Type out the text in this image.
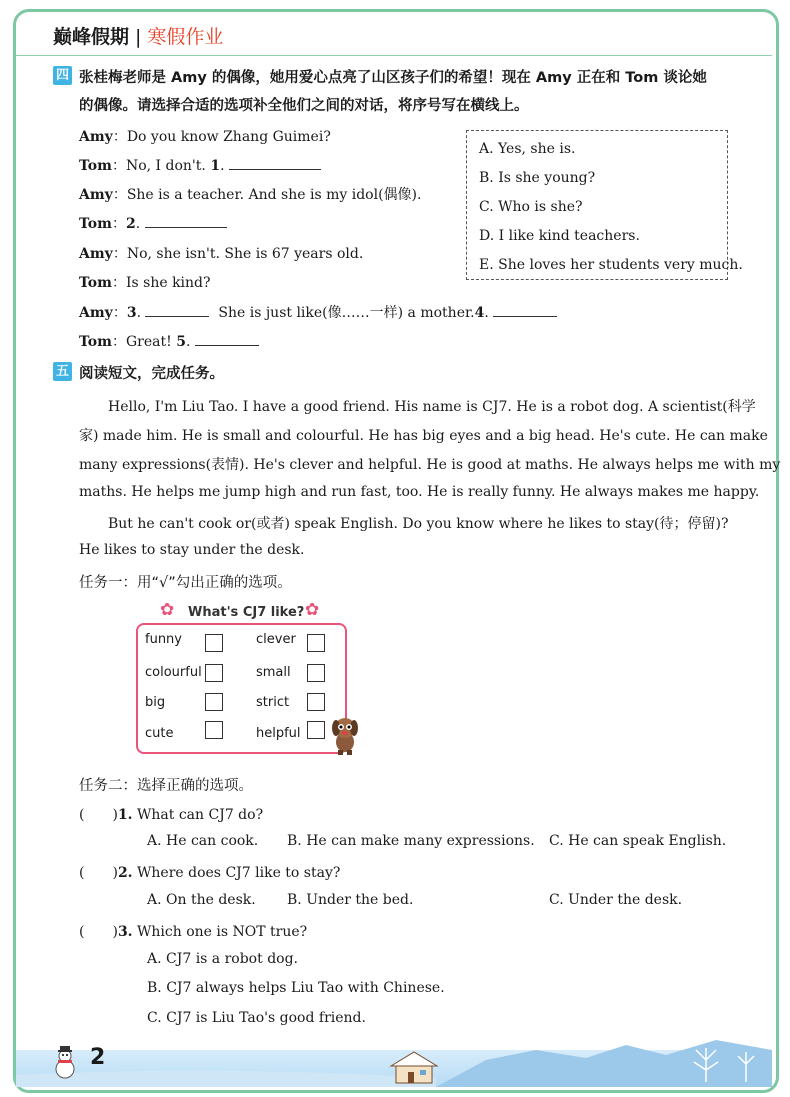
巅峰假期 | 寒假作业
四 张桂梅老师是 Amy 的偶像，她用爱心点亮了山区孩子们的希望！现在 Amy 正在和 Tom 谈论她
的偶像。请选择合适的选项补全他们之间的对话，将序号写在横线上。
Amy：Do you know Zhang Guimei?
Tom：No, I don't. 1.
Amy：She is a teacher. And she is my idol(偶像).
Tom：2.
Amy：No, she isn't. She is 67 years old.
Tom：Is she kind?
Amy：3.	She is just like(像……一样) a mother.4.
Tom：Great! 5.
A. Yes, she is.
B. Is she young?
C. Who is she?
D. I like kind teachers.
E. She loves her students very much.
五 阅读短文，完成任务。
Hello, I'm Liu Tao. I have a good friend. His name is CJ7. He is a robot dog. A scientist(科学
家) made him. He is small and colourful. He has big eyes and a big head. He's cute. He can make
many expressions(表情). He's clever and helpful. He is good at maths. He always helps me with my
maths. He helps me jump high and run fast, too. He is really funny. He always makes me happy.
But he can't cook or(或者) speak English. Do you know where he likes to stay(待；停留)?
He likes to stay under the desk.
任务一：用“√”勾出正确的选项。
✿ What's CJ7 like? ✿
funny	clever
colourful	small
big	strict
cute	helpful
任务二：选择正确的选项。
(　　)1. What can CJ7 do?
A. He can cook. B. He can make many expressions. C. He can speak English.
(　　)2. Where does CJ7 like to stay?
A. On the desk. B. Under the bed.	C. Under the desk.
(　　)3. Which one is NOT true?
A. CJ7 is a robot dog.
B. CJ7 always helps Liu Tao with Chinese.
C. CJ7 is Liu Tao's good friend.
2
